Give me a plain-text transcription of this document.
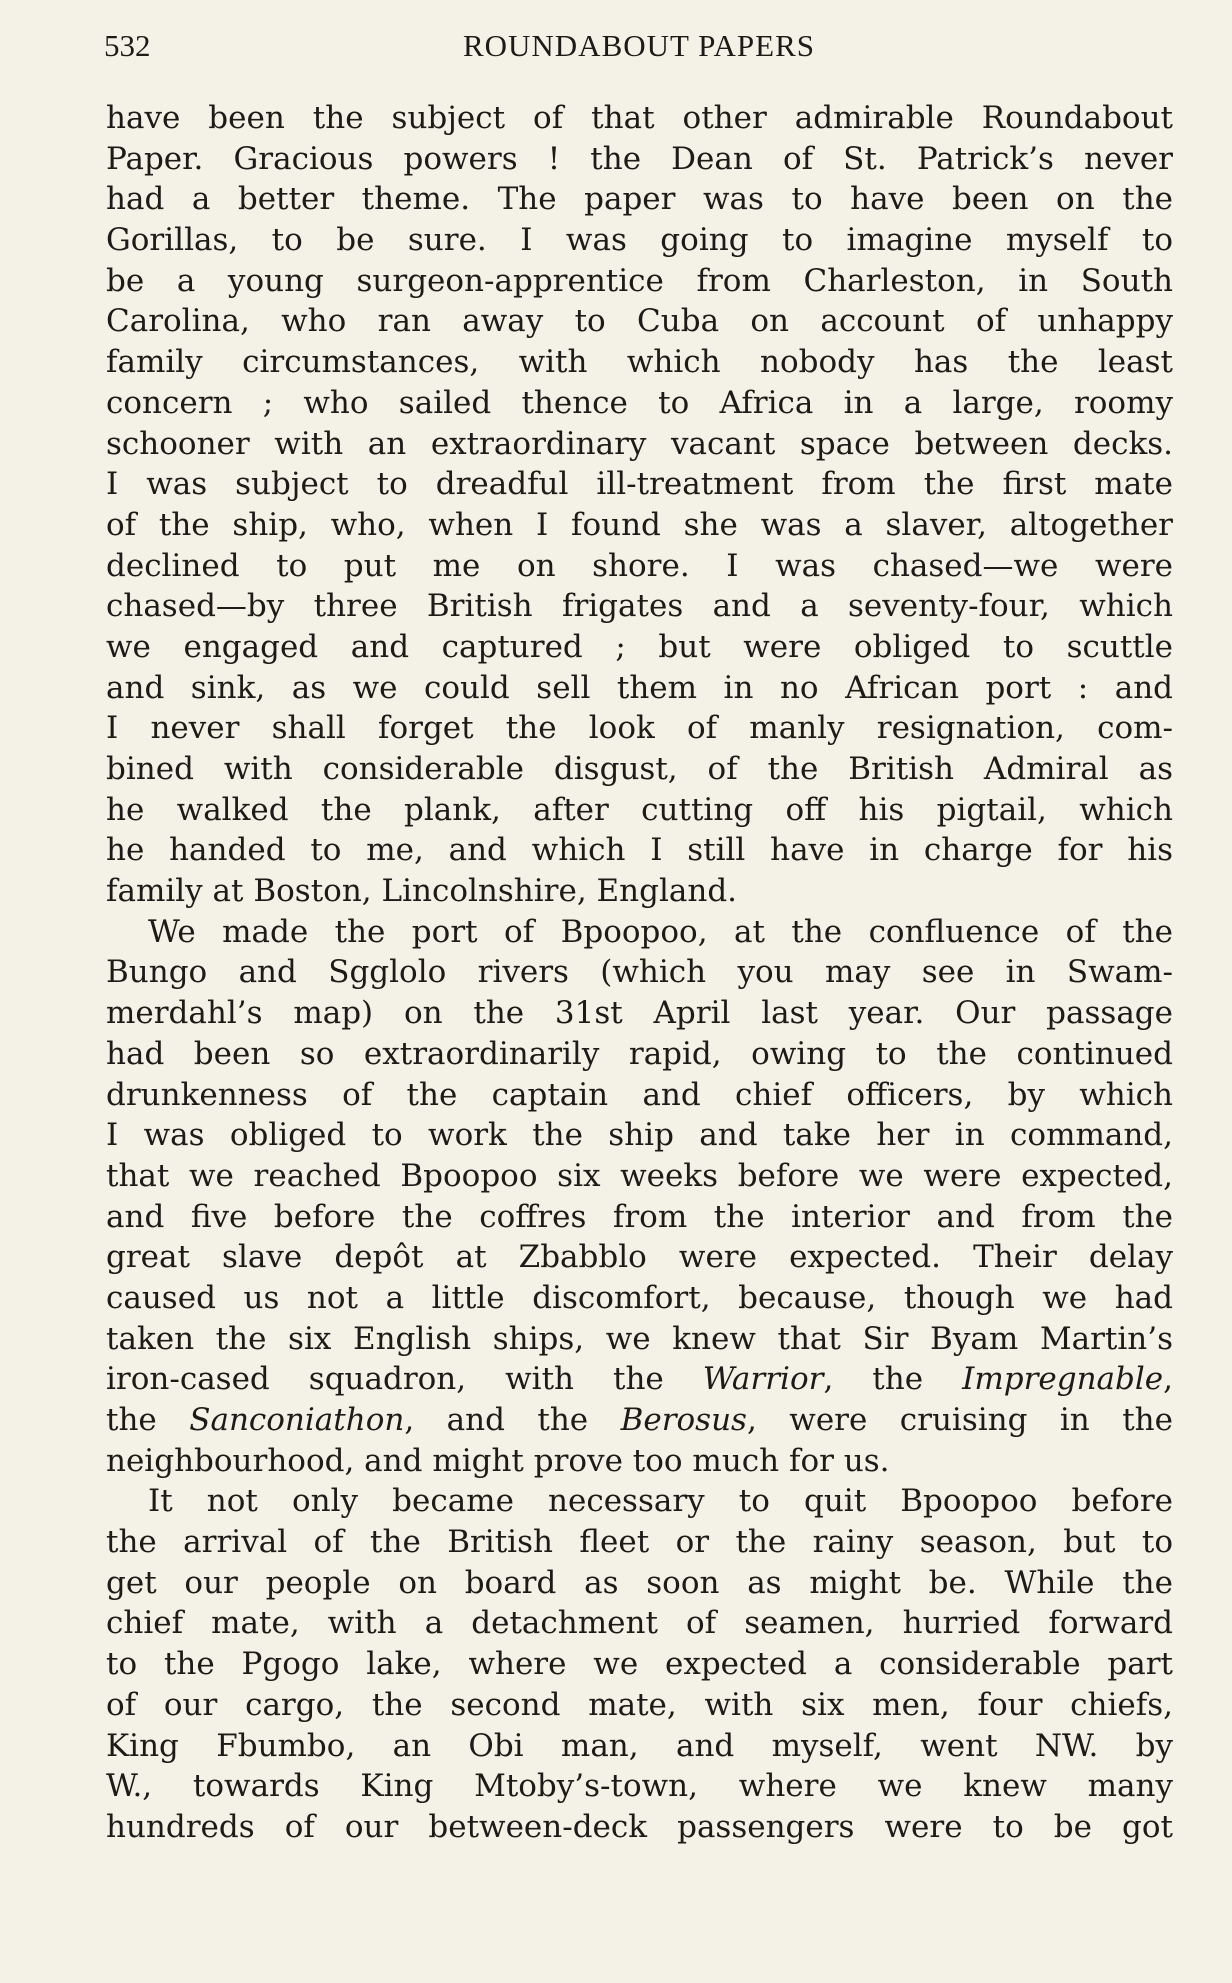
532	ROUNDABOUT PAPERS
have been the subject of that other admirable Roundabout
Paper. Gracious powers ! the Dean of St. Patrick’s never
had a better theme. The paper was to have been on the
Gorillas, to be sure. I was going to imagine myself to
be a young surgeon-apprentice from Charleston, in South
Carolina, who ran away to Cuba on account of unhappy
family circumstances, with which nobody has the least
concern ; who sailed thence to Africa in a large, roomy
schooner with an extraordinary vacant space between decks.
I was subject to dreadful ill-treatment from the first mate
of the ship, who, when I found she was a slaver, altogether
declined to put me on shore. I was chased—we were
chased—by three British frigates and a seventy-four, which
we engaged and captured ; but were obliged to scuttle
and sink, as we could sell them in no African port : and
I never shall forget the look of manly resignation, com-
bined with considerable disgust, of the British Admiral as
he walked the plank, after cutting off his pigtail, which
he handed to me, and which I still have in charge for his
family at Boston, Lincolnshire, England.
We made the port of Bpoopoo, at the confluence of the
Bungo and Sgglolo rivers (which you may see in Swam-
merdahl’s map) on the 31st April last year. Our passage
had been so extraordinarily rapid, owing to the continued
drunkenness of the captain and chief officers, by which
I was obliged to work the ship and take her in command,
that we reached Bpoopoo six weeks before we were expected,
and five before the coffres from the interior and from the
great slave depôt at Zbabblo were expected. Their delay
caused us not a little discomfort, because, though we had
taken the six English ships, we knew that Sir Byam Martin’s
iron-cased squadron, with the Warrior, the Impregnable,
the Sanconiathon, and the Berosus, were cruising in the
neighbourhood, and might prove too much for us.
It not only became necessary to quit Bpoopoo before
the arrival of the British fleet or the rainy season, but to
get our people on board as soon as might be. While the
chief mate, with a detachment of seamen, hurried forward
to the Pgogo lake, where we expected a considerable part
of our cargo, the second mate, with six men, four chiefs,
King Fbumbo, an Obi man, and myself, went NW. by
W., towards King Mtoby’s-town, where we knew many
hundreds of our between-deck passengers were to be got
